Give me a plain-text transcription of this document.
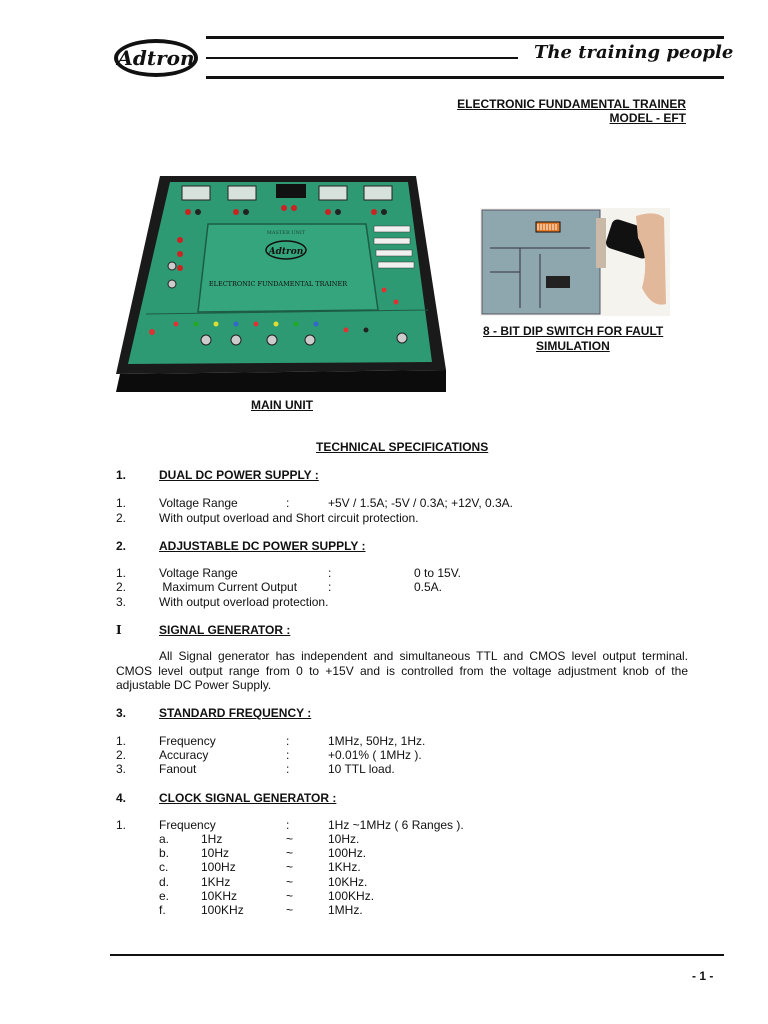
Adtron	The training people
ELECTRONIC FUNDAMENTAL TRAINER
MODEL - EFT
MASTER UNIT
Adtron
ELECTRONIC FUNDAMENTAL TRAINER
8 - BIT DIP SWITCH FOR FAULT
SIMULATION
MAIN UNIT
TECHNICAL SPECIFICATIONS
1.	DUAL DC POWER SUPPLY :
1.	Voltage Range	:	+5V / 1.5A; -5V / 0.3A; +12V, 0.3A.
2.	With output overload and Short circuit protection.
2.	ADJUSTABLE DC POWER SUPPLY :
1.	Voltage Range	:	0 to 15V.
2.	Maximum Current Output	:	0.5A.
3.	With output overload protection.
I	SIGNAL GENERATOR :
All Signal generator has independent and simultaneous TTL and CMOS level output terminal. CMOS level output range from 0 to +15V and is controlled from the voltage adjustment knob of the adjustable DC Power Supply.
3.	STANDARD FREQUENCY :
1.	Frequency	:	1MHz, 50Hz, 1Hz.
2.	Accuracy	:	+0.01% ( 1MHz ).
3.	Fanout	:	10 TTL load.
4.	CLOCK SIGNAL GENERATOR :
1.	Frequency	:	1Hz ~1MHz ( 6 Ranges ).
a.	1Hz	~	10Hz.
b.	10Hz	~	100Hz.
c.	100Hz	~	1KHz.
d.	1KHz	~	10KHz.
e.	10KHz	~	100KHz.
f.	100KHz	~	1MHz.
- 1 -
